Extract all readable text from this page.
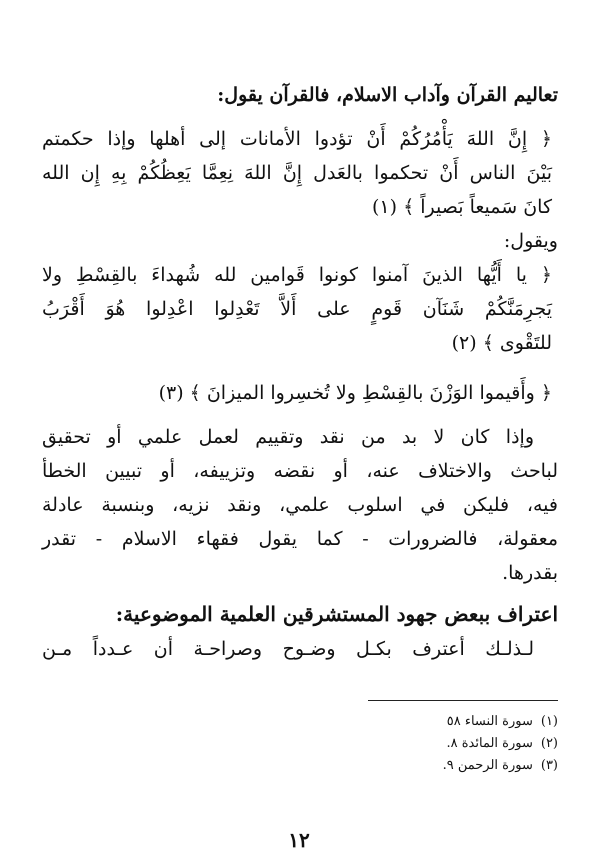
تعاليم القرآن وآداب الاسلام، فالقرآن يقول:
﴿ إِنَّ اللهَ يَأْمُرُكُمْ أَنْ تؤدوا الأمانات إلى أهلها وإذا حكمتم
بَيْنَ الناس أَنْ تحكموا بالعَدل إِنَّ اللهَ نِعِمَّا يَعِظُكُمْ بِهِ إِن الله
كانَ سَميعاً بَصيراً ﴾ (١)
ويقول:
﴿ يا أَيُّها الذينَ آمنوا كونوا قَوامين لله شُهداءَ بالقِسْطِ ولا
يَجرِمَنَّكُمْ شَنَآن قَومٍ على أَلاَّ تَعْدِلوا اعْدِلوا هُوَ أَقْرَبُ
للتَقْوى ﴾ (٢)
﴿ وأَقيموا الوَزْنَ بالقِسْطِ ولا تُخسِروا الميزانَ ﴾ (٣)
وإذا كان لا بد من نقد وتقييم لعمل علمي أو تحقيق
لباحث والاختلاف عنه، أو نقضه وتزييفه، أو تبيين الخطأ
فيه، فليكن في اسلوب علمي، ونقد نزيه، وبنسبة عادلة
معقولة، فالضرورات - كما يقول فقهاء الاسلام - تقدر
بقدرها.
اعتراف ببعض جهود المستشرقين العلمية الموضوعية:
لـذلـك أعترف بكـل وضـوح وصراحـة أن عـدداً مـن
(١)سورة النساء ٥٨
(٢)سورة المائدة ٨.
(٣)سورة الرحمن ٩.
١٢
